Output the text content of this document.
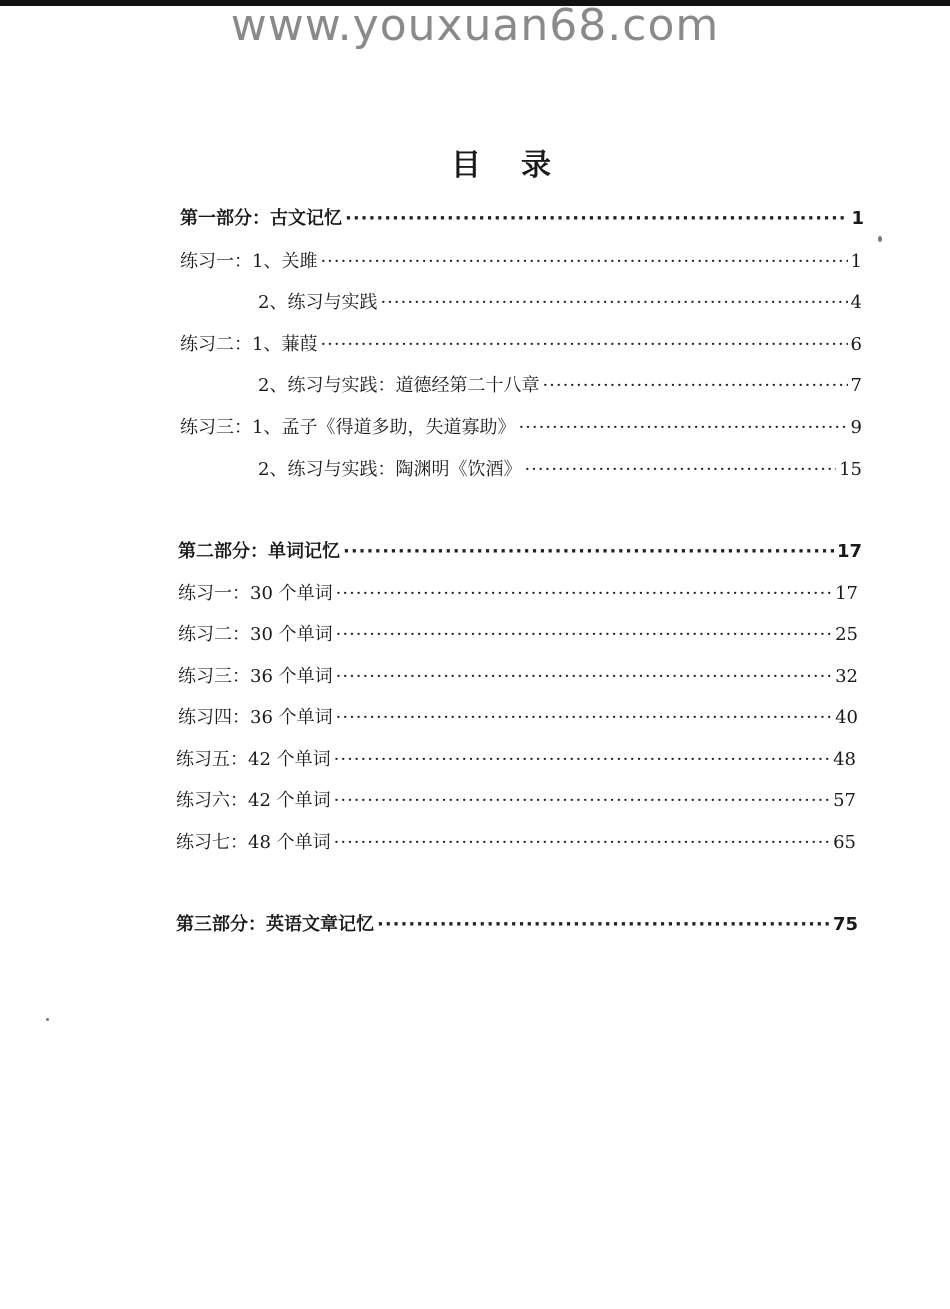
www.youxuan68.com
目录
第一部分：古文记忆 ·····	1
练习一：1、关雎 ·····	1
2、练习与实践 ·····	4
练习二：1、蒹葭 ·····	6
2、练习与实践：道德经第二十八章 ·····	7
练习三：1、孟子《得道多助，失道寡助》 ·····	9
2、练习与实践：陶渊明《饮酒》 ·····	15
第二部分：单词记忆 ·····	17
练习一：30 个单词 ·····	17
练习二：30 个单词 ·····	25
练习三：36 个单词 ·····	32
练习四：36 个单词 ·····	40
练习五：42 个单词 ·····	48
练习六：42 个单词 ·····	57
练习七：48 个单词 ·····	65
第三部分：英语文章记忆 ·····	75
